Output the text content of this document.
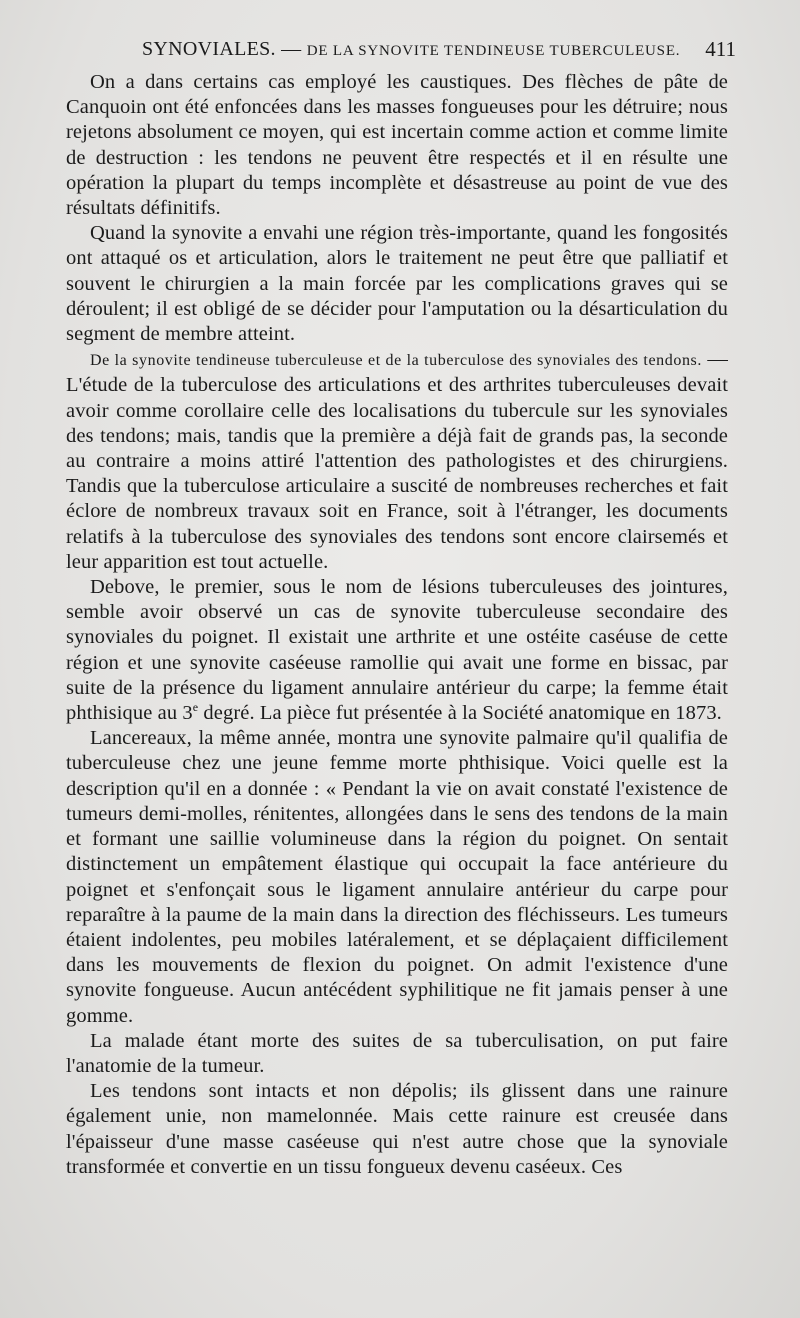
SYNOVIALES. — DE LA SYNOVITE TENDINEUSE TUBERCULEUSE. 411

On a dans certains cas employé les caustiques. Des flèches de pâte de Canquoin ont été enfoncées dans les masses fongueuses pour les détruire; nous rejetons absolument ce moyen, qui est incertain comme action et comme limite de destruction : les tendons ne peuvent être respectés et il en résulte une opération la plupart du temps incomplète et désastreuse au point de vue des résultats définitifs.

Quand la synovite a envahi une région très-importante, quand les fongosités ont attaqué os et articulation, alors le traitement ne peut être que palliatif et souvent le chirurgien a la main forcée par les complications graves qui se déroulent; il est obligé de se décider pour l'amputation ou la désarticulation du segment de membre atteint.

De la synovite tendineuse tuberculeuse et de la tuberculose des synoviales des tendons. — L'étude de la tuberculose des articulations et des arthrites tuberculeuses devait avoir comme corollaire celle des localisations du tubercule sur les synoviales des tendons; mais, tandis que la première a déjà fait de grands pas, la seconde au contraire a moins attiré l'attention des pathologistes et des chirurgiens. Tandis que la tuberculose articulaire a suscité de nombreuses recherches et fait éclore de nombreux travaux soit en France, soit à l'étranger, les documents relatifs à la tuberculose des synoviales des tendons sont encore clairsemés et leur apparition est tout actuelle.

Debove, le premier, sous le nom de lésions tuberculeuses des jointures, semble avoir observé un cas de synovite tuberculeuse secondaire des synoviales du poignet. Il existait une arthrite et une ostéite caséuse de cette région et une synovite caséeuse ramollie qui avait une forme en bissac, par suite de la présence du ligament annulaire antérieur du carpe; la femme était phthisique au 3e degré. La pièce fut présentée à la Société anatomique en 1873.

Lancereaux, la même année, montra une synovite palmaire qu'il qualifia de tuberculeuse chez une jeune femme morte phthisique. Voici quelle est la description qu'il en a donnée : « Pendant la vie on avait constaté l'existence de tumeurs demi-molles, rénitentes, allongées dans le sens des tendons de la main et formant une saillie volumineuse dans la région du poignet. On sentait distinctement un empâtement élastique qui occupait la face antérieure du poignet et s'enfonçait sous le ligament annulaire antérieur du carpe pour reparaître à la paume de la main dans la direction des fléchisseurs. Les tumeurs étaient indolentes, peu mobiles latéralement, et se déplaçaient difficilement dans les mouvements de flexion du poignet. On admit l'existence d'une synovite fongueuse. Aucun antécédent syphilitique ne fit jamais penser à une gomme.

La malade étant morte des suites de sa tuberculisation, on put faire l'anatomie de la tumeur.

Les tendons sont intacts et non dépolis; ils glissent dans une rainure également unie, non mamelonnée. Mais cette rainure est creusée dans l'épaisseur d'une masse caséeuse qui n'est autre chose que la synoviale transformée et convertie en un tissu fongueux devenu caséeux. Ces
